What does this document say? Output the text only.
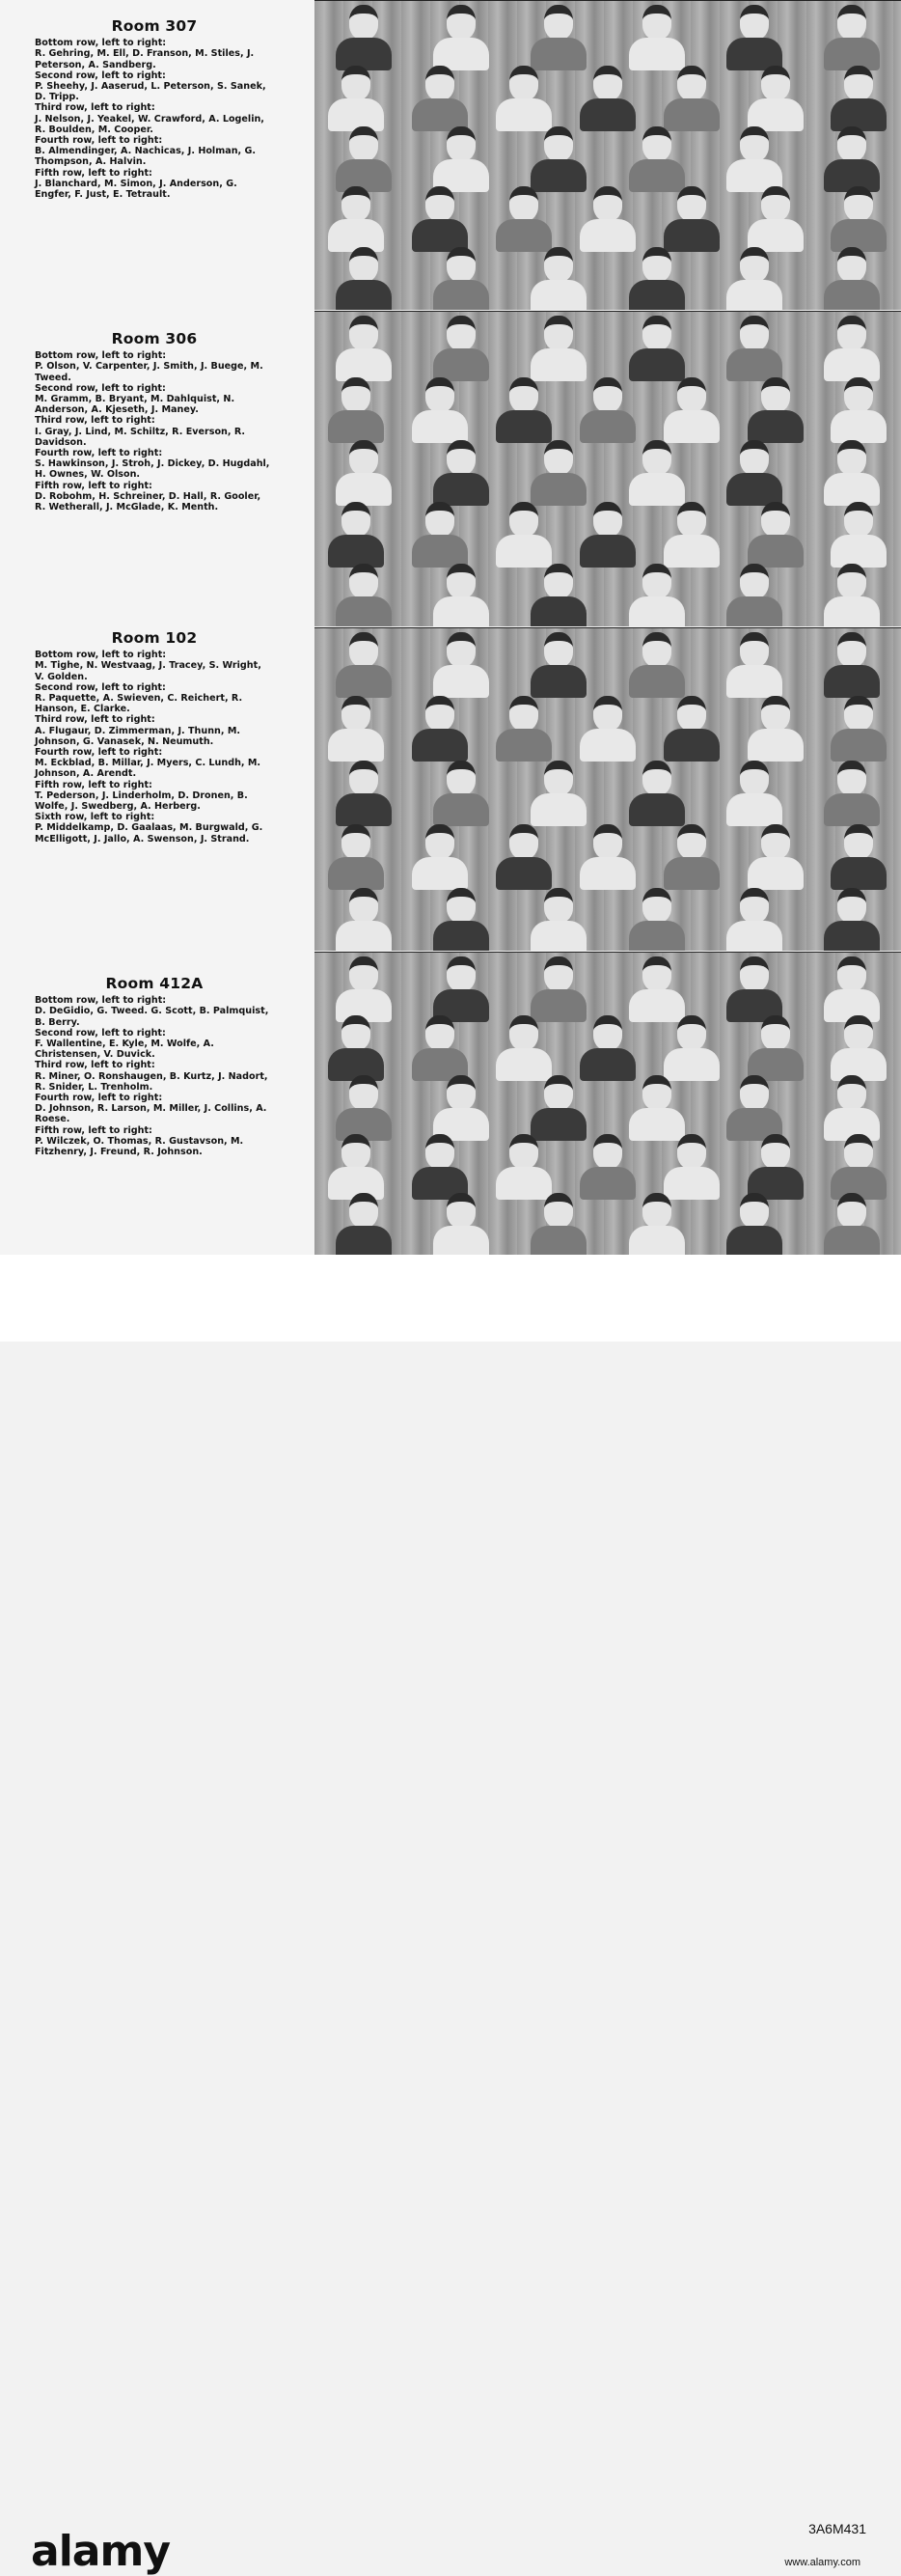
Room 307
Bottom row, left to right:
R. Gehring, M. Ell, D. Franson, M. Stiles, J. Peterson, A. Sandberg.
Second row, left to right:
P. Sheehy, J. Aaserud, L. Peterson, S. Sanek, D. Tripp.
Third row, left to right:
J. Nelson, J. Yeakel, W. Crawford, A. Logelin, R. Boulden, M. Cooper.
Fourth row, left to right:
B. Almendinger, A. Nachicas, J. Holman, G. Thompson, A. Halvin.
Fifth row, left to right:
J. Blanchard, M. Simon, J. Anderson, G. Engfer, F. Just, E. Tetrault.
Room 306
Bottom row, left to right:
P. Olson, V. Carpenter, J. Smith, J. Buege, M. Tweed.
Second row, left to right:
M. Gramm, B. Bryant, M. Dahlquist, N. Anderson, A. Kjeseth, J. Maney.
Third row, left to right:
I. Gray, J. Lind, M. Schiltz, R. Everson, R. Davidson.
Fourth row, left to right:
S. Hawkinson, J. Stroh, J. Dickey, D. Hugdahl, H. Ownes, W. Olson.
Fifth row, left to right:
D. Robohm, H. Schreiner, D. Hall, R. Gooler, R. Wetherall, J. McGlade, K. Menth.
Room 102
Bottom row, left to right:
M. Tighe, N. Westvaag, J. Tracey, S. Wright, V. Golden.
Second row, left to right:
R. Paquette, A. Swieven, C. Reichert, R. Hanson, E. Clarke.
Third row, left to right:
A. Flugaur, D. Zimmerman, J. Thunn, M. Johnson, G. Vanasek, N. Neumuth.
Fourth row, left to right:
M. Eckblad, B. Millar, J. Myers, C. Lundh, M. Johnson, A. Arendt.
Fifth row, left to right:
T. Pederson, J. Linderholm, D. Dronen, B. Wolfe, J. Swedberg, A. Herberg.
Sixth row, left to right:
P. Middelkamp, D. Gaalaas, M. Burgwald, G. McElligott, J. Jallo, A. Swenson, J. Strand.
Room 412A
Bottom row, left to right:
D. DeGidio, G. Tweed. G. Scott, B. Palmquist, B. Berry.
Second row, left to right:
F. Wallentine, E. Kyle, M. Wolfe, A. Christensen, V. Duvick.
Third row, left to right:
R. Miner, O. Ronshaugen, B. Kurtz, J. Nadort, R. Snider, L. Trenholm.
Fourth row, left to right:
D. Johnson, R. Larson, M. Miller, J. Collins, A. Roese.
Fifth row, left to right:
P. Wilczek, O. Thomas, R. Gustavson, M. Fitzhenry, J. Freund, R. Johnson.
alamy	3A6M431
www.alamy.com
